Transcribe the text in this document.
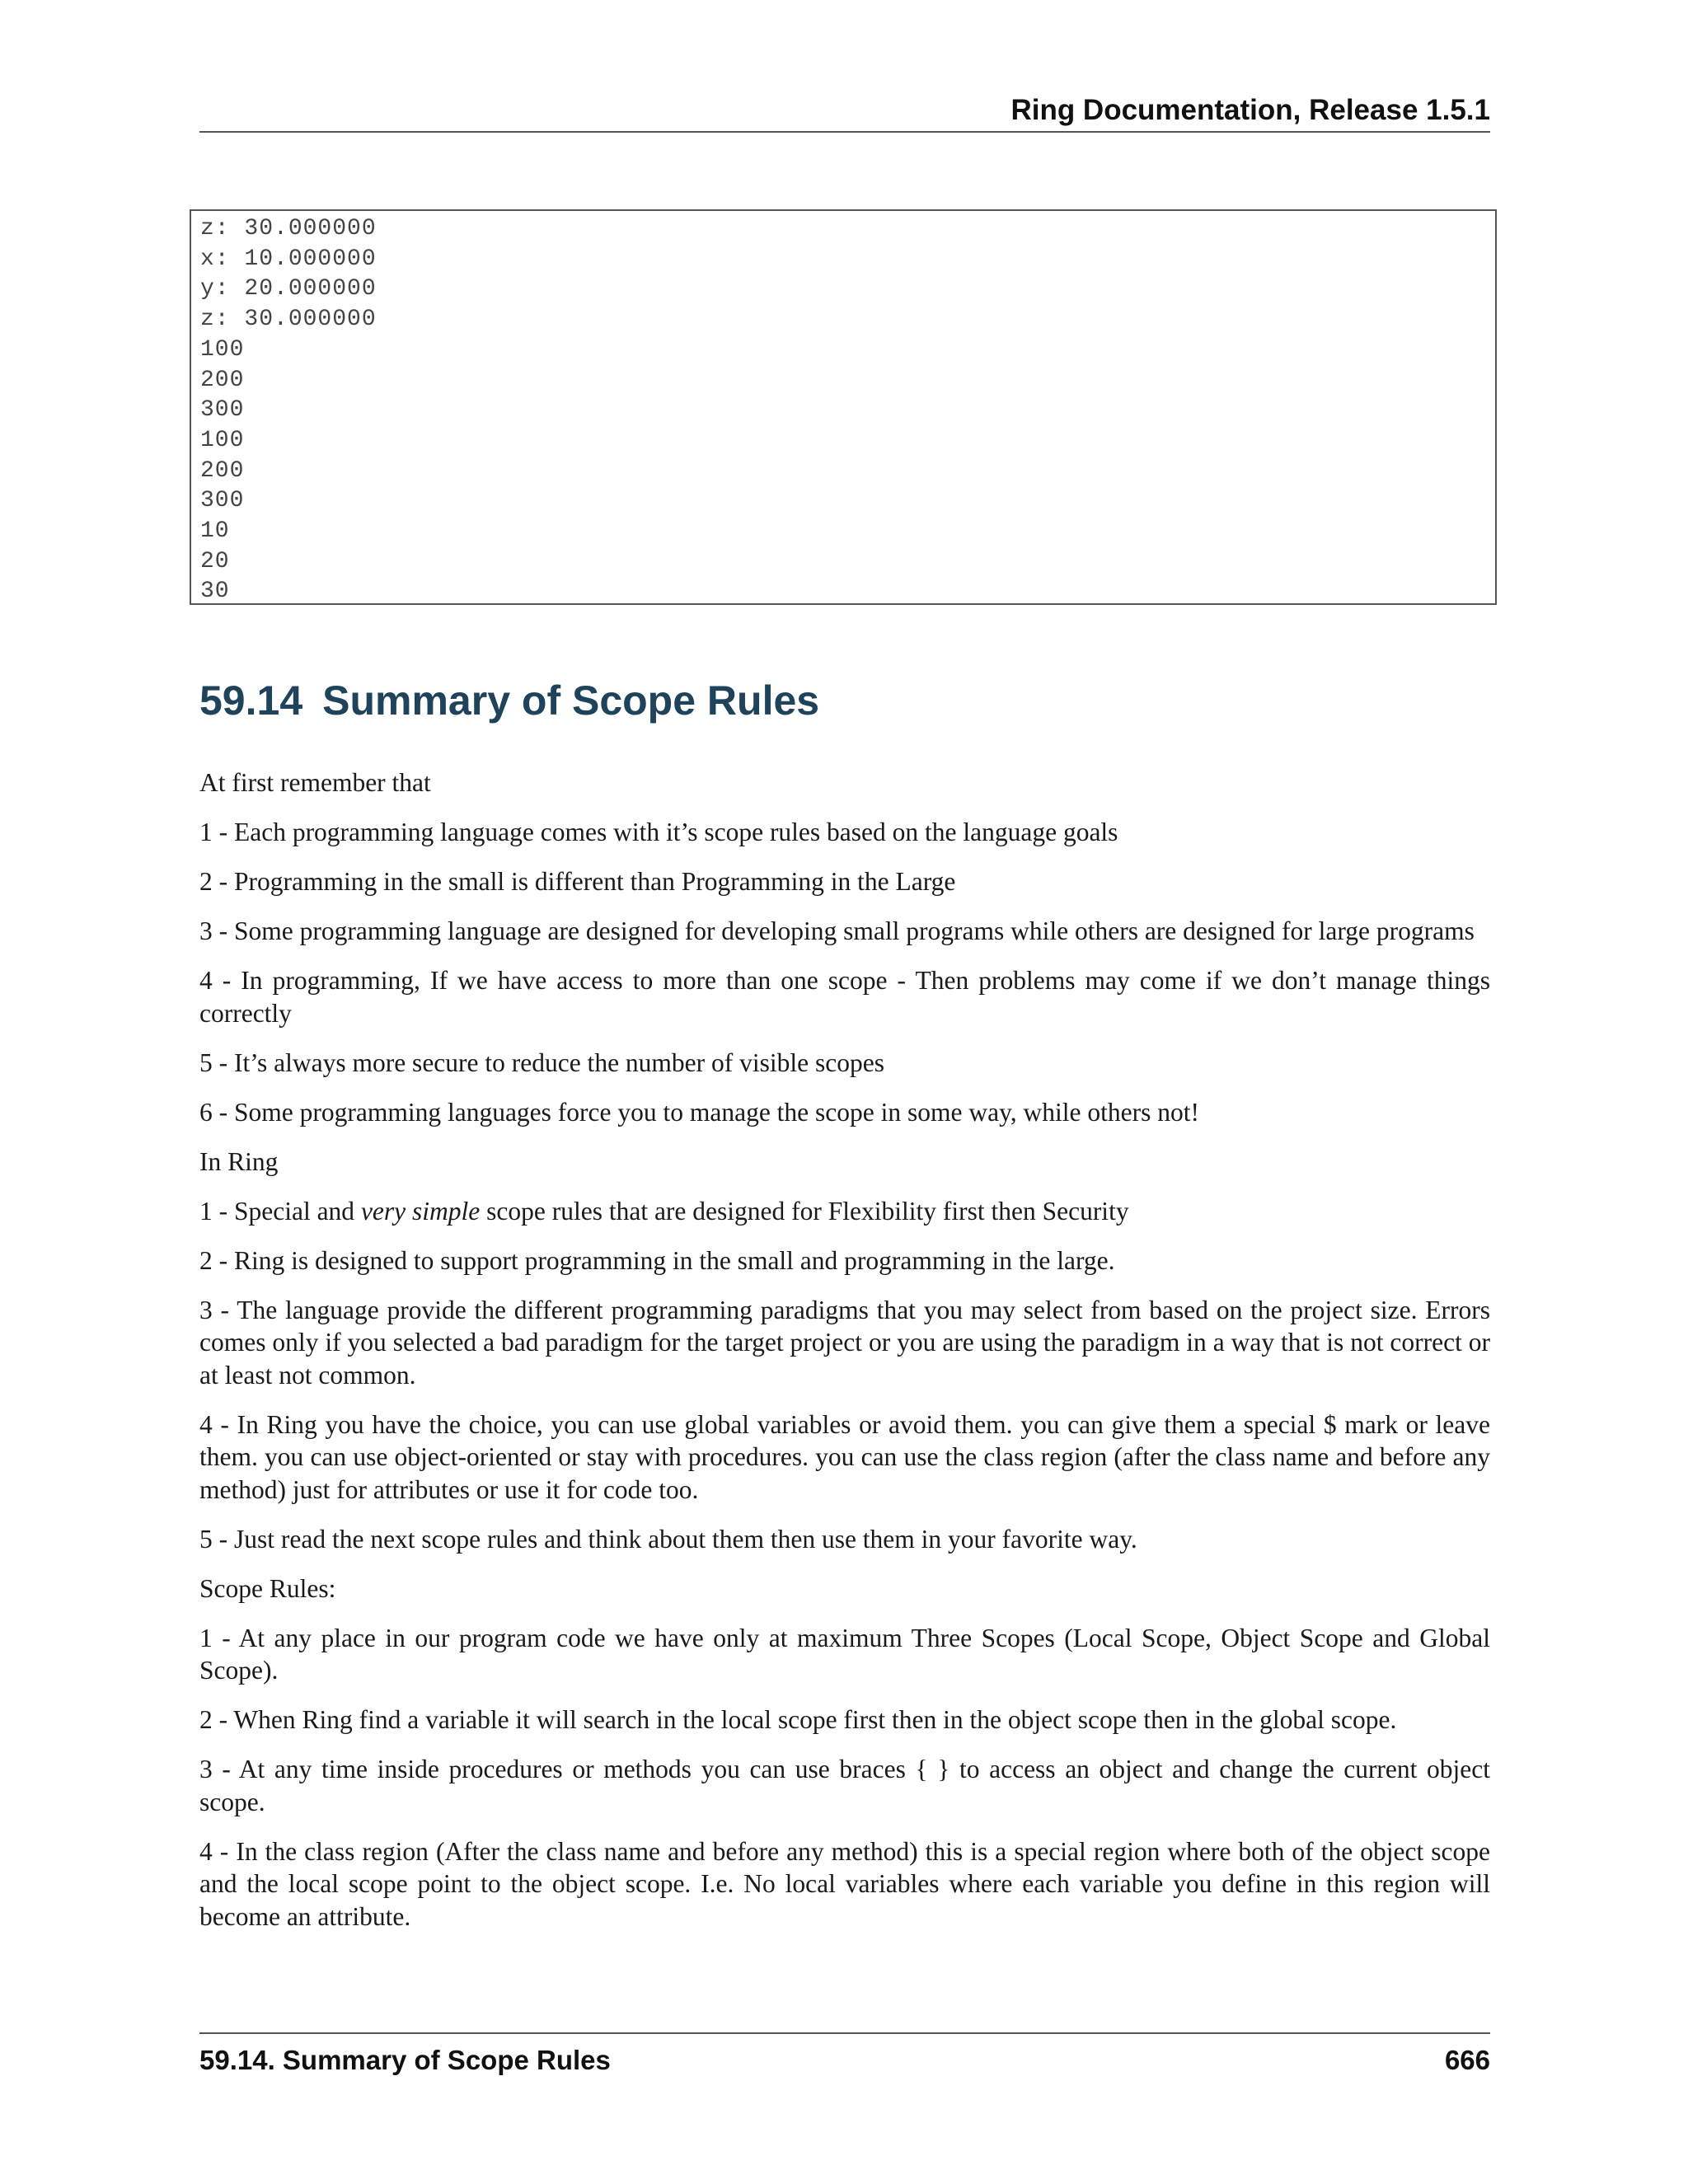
Ring Documentation, Release 1.5.1
z: 30.000000
x: 10.000000
y: 20.000000
z: 30.000000
100
200
300
100
200
300
10
20
30
59.14 Summary of Scope Rules

At first remember that

1 - Each programming language comes with it’s scope rules based on the language goals

2 - Programming in the small is different than Programming in the Large

3 - Some programming language are designed for developing small programs while others are designed for large programs

4 - In programming, If we have access to more than one scope - Then problems may come if we don’t manage things correctly

5 - It’s always more secure to reduce the number of visible scopes

6 - Some programming languages force you to manage the scope in some way, while others not!

In Ring

1 - Special and very simple scope rules that are designed for Flexibility first then Security

2 - Ring is designed to support programming in the small and programming in the large.

3 - The language provide the different programming paradigms that you may select from based on the project size. Errors comes only if you selected a bad paradigm for the target project or you are using the paradigm in a way that is not correct or at least not common.

4 - In Ring you have the choice, you can use global variables or avoid them. you can give them a special $ mark or leave them. you can use object-oriented or stay with procedures. you can use the class region (after the class name and before any method) just for attributes or use it for code too.

5 - Just read the next scope rules and think about them then use them in your favorite way.

Scope Rules:

1 - At any place in our program code we have only at maximum Three Scopes (Local Scope, Object Scope and Global Scope).

2 - When Ring find a variable it will search in the local scope first then in the object scope then in the global scope.

3 - At any time inside procedures or methods you can use braces { } to access an object and change the current object scope.

4 - In the class region (After the class name and before any method) this is a special region where both of the object scope and the local scope point to the object scope. I.e. No local variables where each variable you define in this region will become an attribute.

59.14. Summary of Scope Rules	666
